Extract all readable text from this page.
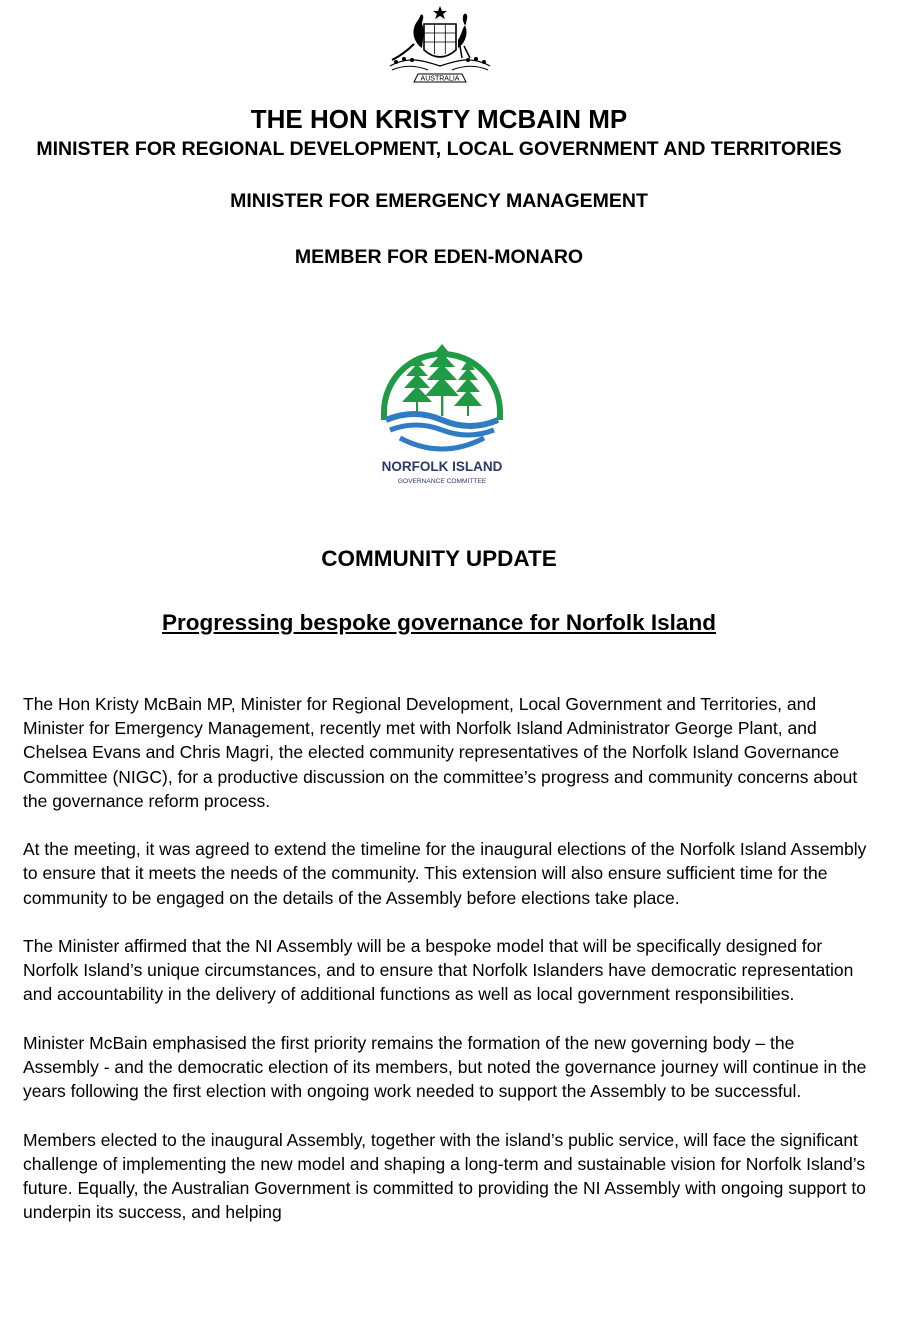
AUSTRALIA
THE HON KRISTY MCBAIN MP
MINISTER FOR REGIONAL DEVELOPMENT, LOCAL GOVERNMENT AND TERRITORIES
MINISTER FOR EMERGENCY MANAGEMENT
MEMBER FOR EDEN-MONARO
NORFOLK ISLAND
GOVERNANCE COMMITTEE
COMMUNITY UPDATE
Progressing bespoke governance for Norfolk Island

The Hon Kristy McBain MP, Minister for Regional Development, Local Government and Territories, and Minister for Emergency Management, recently met with Norfolk Island Administrator George Plant, and Chelsea Evans and Chris Magri, the elected community representatives of the Norfolk Island Governance Committee (NIGC), for a productive discussion on the committee’s progress and community concerns about the governance reform process.

At the meeting, it was agreed to extend the timeline for the inaugural elections of the Norfolk Island Assembly to ensure that it meets the needs of the community. This extension will also ensure sufficient time for the community to be engaged on the details of the Assembly before elections take place.

The Minister affirmed that the NI Assembly will be a bespoke model that will be specifically designed for Norfolk Island’s unique circumstances, and to ensure that Norfolk Islanders have democratic representation and accountability in the delivery of additional functions as well as local government responsibilities.

Minister McBain emphasised the first priority remains the formation of the new governing body – the Assembly - and the democratic election of its members, but noted the governance journey will continue in the years following the first election with ongoing work needed to support the Assembly to be successful.

Members elected to the inaugural Assembly, together with the island’s public service, will face the significant challenge of implementing the new model and shaping a long-term and sustainable vision for Norfolk Island’s future. Equally, the Australian Government is committed to providing the NI Assembly with ongoing support to underpin its success, and helping
